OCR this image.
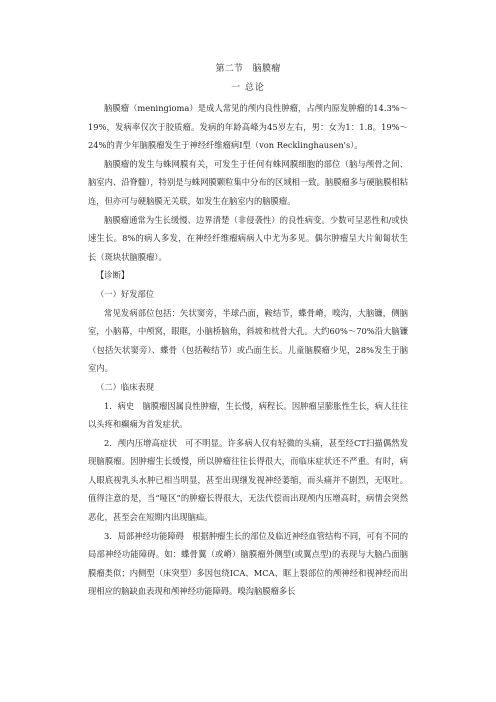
第二节　脑膜瘤
一 总论

脑膜瘤（meningioma）是成人常见的颅内良性肿瘤，占颅内原发肿瘤的14.3%～19%，发病率仅次于胶质瘤。发病的年龄高峰为45岁左右，男：女为1：1.8。19%～24%的青少年脑膜瘤发生于神经纤维瘤病I型（von Recklinghausen's）。

脑膜瘤的发生与蛛网膜有关，可发生于任何有蛛网膜细胞的部位（脑与颅骨之间、脑室内、沿脊髓），特别是与蛛网膜颗粒集中分布的区域相一致。脑膜瘤多与硬脑膜相粘连，但亦可与硬脑膜无关联，如发生在脑室内的脑膜瘤。

脑膜瘤通常为生长缓慢、边界清楚（非侵袭性）的良性病变。少数可呈恶性和/或快速生长。8%的病人多发，在神经纤维瘤病病人中尤为多见。偶尔肿瘤呈大片匍匐状生长（斑块状脑膜瘤）。

【诊断】
（一）好发部位

常见发病部位包括：矢状窦旁，半球凸面，鞍结节，蝶骨嵴，嗅沟，大脑镰，侧脑室，小脑幕，中颅窝，眼眶，小脑桥脑角，斜坡和枕骨大孔。大约60%～70%沿大脑镰（包括矢状窦旁）、蝶骨（包括鞍结节）或凸面生长。儿童脑膜瘤少见，28%发生于脑室内。

（二）临床表现

1．病史　脑膜瘤因属良性肿瘤，生长慢，病程长。因肿瘤呈膨胀性生长，病人往往以头疼和癫痫为首发症状。

2．颅内压增高症状　可不明显。许多病人仅有轻微的头痛，甚至经CT扫描偶然发现脑膜瘤。因肿瘤生长缓慢，所以肿瘤往往长得很大，而临床症状还不严重。有时，病人眼底视乳头水肿已相当明显，甚至出现继发视神经萎缩，而头痛并不剧烈，无呕吐。值得注意的是，当“哑区”的肿瘤长得很大，无法代偿而出现颅内压增高时，病情会突然恶化，甚至会在短期内出现脑疝。

3．局部神经功能障碍　根据肿瘤生长的部位及临近神经血管结构不同，可有不同的局部神经功能障碍。如：蝶骨翼（或嵴）脑膜瘤外侧型(或翼点型)的表现与大脑凸面脑膜瘤类似；内侧型（床突型）多因包绕ICA、MCA、眶上裂部位的颅神经和视神经而出现相应的脑缺血表现和颅神经功能障碍。嗅沟脑膜瘤多长
